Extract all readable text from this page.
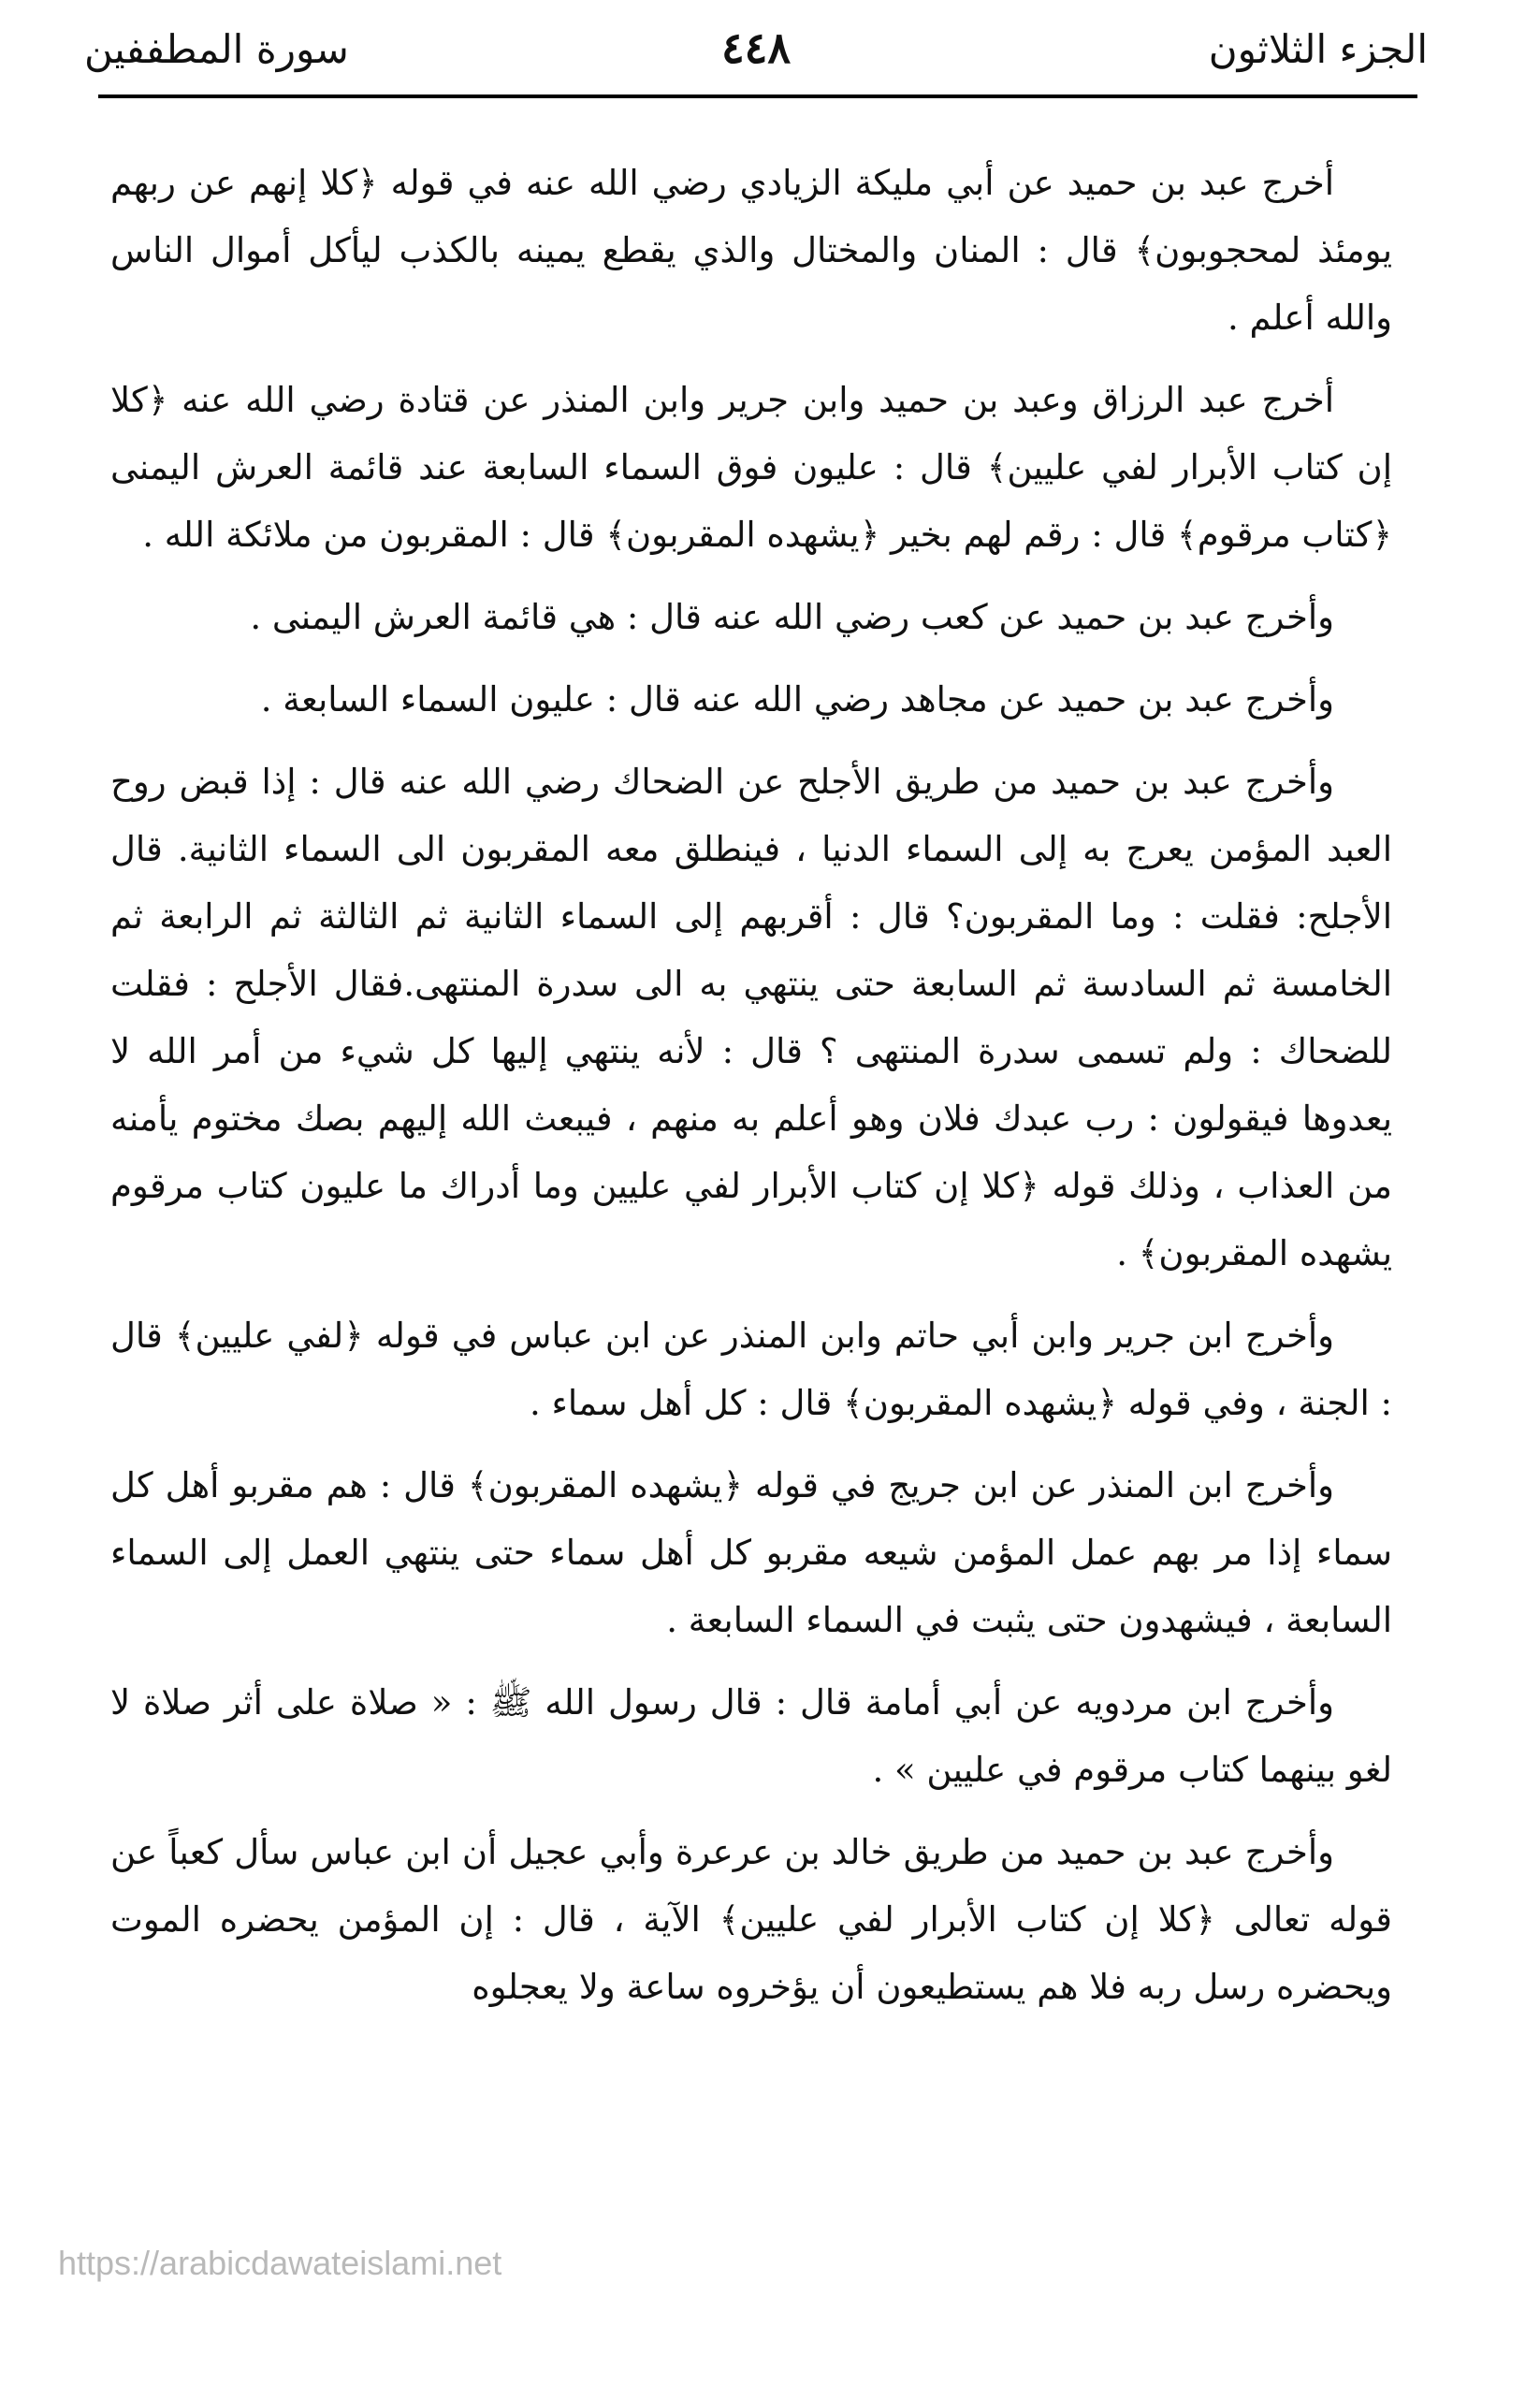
الجزء الثلاثون
٤٤٨
سورة المطففين

أخرج عبد بن حميد عن أبي مليكة الزيادي رضي الله عنه في قوله ﴿كلا إنهم عن ربهم يومئذ لمحجوبون﴾ قال : المنان والمختال والذي يقطع يمينه بالكذب ليأكل أموال الناس والله أعلم .

أخرج عبد الرزاق وعبد بن حميد وابن جرير وابن المنذر عن قتادة رضي الله عنه ﴿كلا إن كتاب الأبرار لفي عليين﴾ قال : عليون فوق السماء السابعة عند قائمة العرش اليمنى ﴿كتاب مرقوم﴾ قال : رقم لهم بخير ﴿يشهده المقربون﴾ قال : المقربون من ملائكة الله .

وأخرج عبد بن حميد عن كعب رضي الله عنه قال : هي قائمة العرش اليمنى .

وأخرج عبد بن حميد عن مجاهد رضي الله عنه قال : عليون السماء السابعة .

وأخرج عبد بن حميد من طريق الأجلح عن الضحاك رضي الله عنه قال : إذا قبض روح العبد المؤمن يعرج به إلى السماء الدنيا ، فينطلق معه المقربون الى السماء الثانية. قال الأجلح: فقلت : وما المقربون؟ قال : أقربهم إلى السماء الثانية ثم الثالثة ثم الرابعة ثم الخامسة ثم السادسة ثم السابعة حتى ينتهي به الى سدرة المنتهى.فقال الأجلح : فقلت للضحاك : ولم تسمى سدرة المنتهى ؟ قال : لأنه ينتهي إليها كل شيء من أمر الله لا يعدوها فيقولون : رب عبدك فلان وهو أعلم به منهم ، فيبعث الله إليهم بصك مختوم يأمنه من العذاب ، وذلك قوله ﴿كلا إن كتاب الأبرار لفي عليين وما أدراك ما عليون كتاب مرقوم يشهده المقربون﴾ .

وأخرج ابن جرير وابن أبي حاتم وابن المنذر عن ابن عباس في قوله ﴿لفي عليين﴾ قال : الجنة ، وفي قوله ﴿يشهده المقربون﴾ قال : كل أهل سماء .

وأخرج ابن المنذر عن ابن جريج في قوله ﴿يشهده المقربون﴾ قال : هم مقربو أهل كل سماء إذا مر بهم عمل المؤمن شيعه مقربو كل أهل سماء حتى ينتهي العمل إلى السماء السابعة ، فيشهدون حتى يثبت في السماء السابعة .

وأخرج ابن مردويه عن أبي أمامة قال : قال رسول الله ﷺ : « صلاة على أثر صلاة لا لغو بينهما كتاب مرقوم في عليين » .

وأخرج عبد بن حميد من طريق خالد بن عرعرة وأبي عجيل أن ابن عباس سأل كعباً عن قوله تعالى ﴿كلا إن كتاب الأبرار لفي عليين﴾ الآية ، قال : إن المؤمن يحضره الموت ويحضره رسل ربه فلا هم يستطيعون أن يؤخروه ساعة ولا يعجلوه

https://arabicdawateislami.net
